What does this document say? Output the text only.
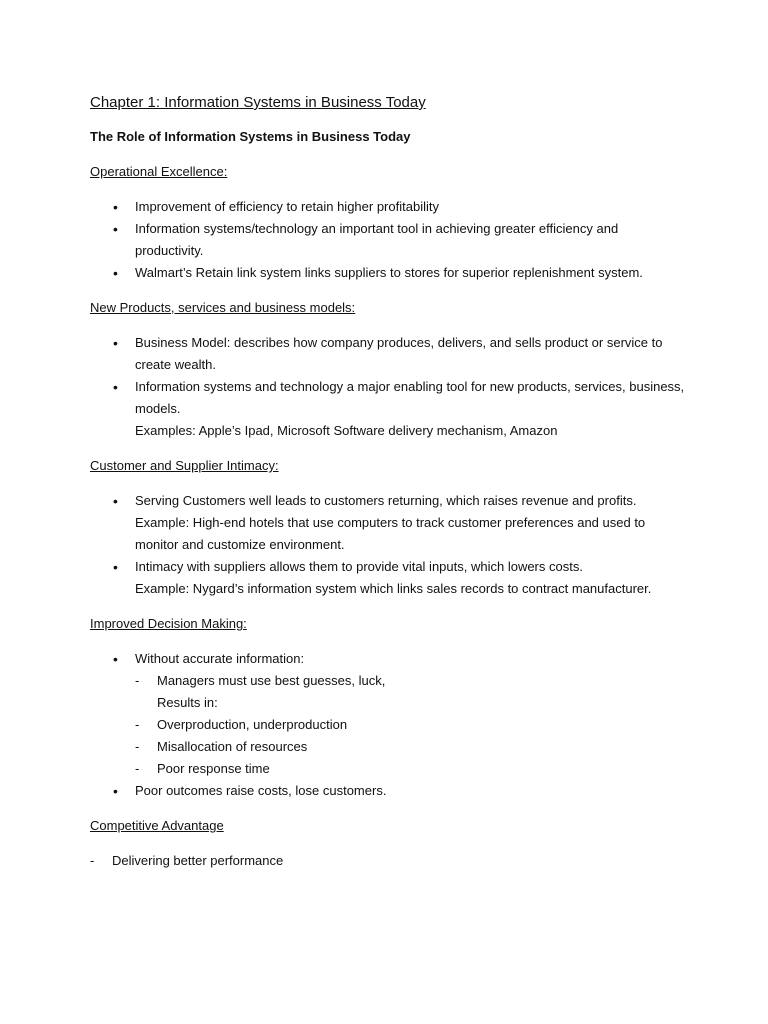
Chapter 1: Information Systems in Business Today
The Role of Information Systems in Business Today
Operational Excellence:
• Improvement of efficiency to retain higher profitability
• Information systems/technology an important tool in achieving greater efficiency and productivity.
• Walmart’s Retain link system links suppliers to stores for superior replenishment system.
New Products, services and business models:
• Business Model: describes how company produces, delivers, and sells product or service to create wealth.
• Information systems and technology a major enabling tool for new products, services, business, models.
Examples: Apple’s Ipad, Microsoft Software delivery mechanism, Amazon
Customer and Supplier Intimacy:
• Serving Customers well leads to customers returning, which raises revenue and profits.
Example: High-end hotels that use computers to track customer preferences and used to monitor and customize environment.
• Intimacy with suppliers allows them to provide vital inputs, which lowers costs.
Example: Nygard’s information system which links sales records to contract manufacturer.
Improved Decision Making:
• Without accurate information:
- Managers must use best guesses, luck,
Results in:
- Overproduction, underproduction
- Misallocation of resources
- Poor response time
• Poor outcomes raise costs, lose customers.
Competitive Advantage
- Delivering better performance
